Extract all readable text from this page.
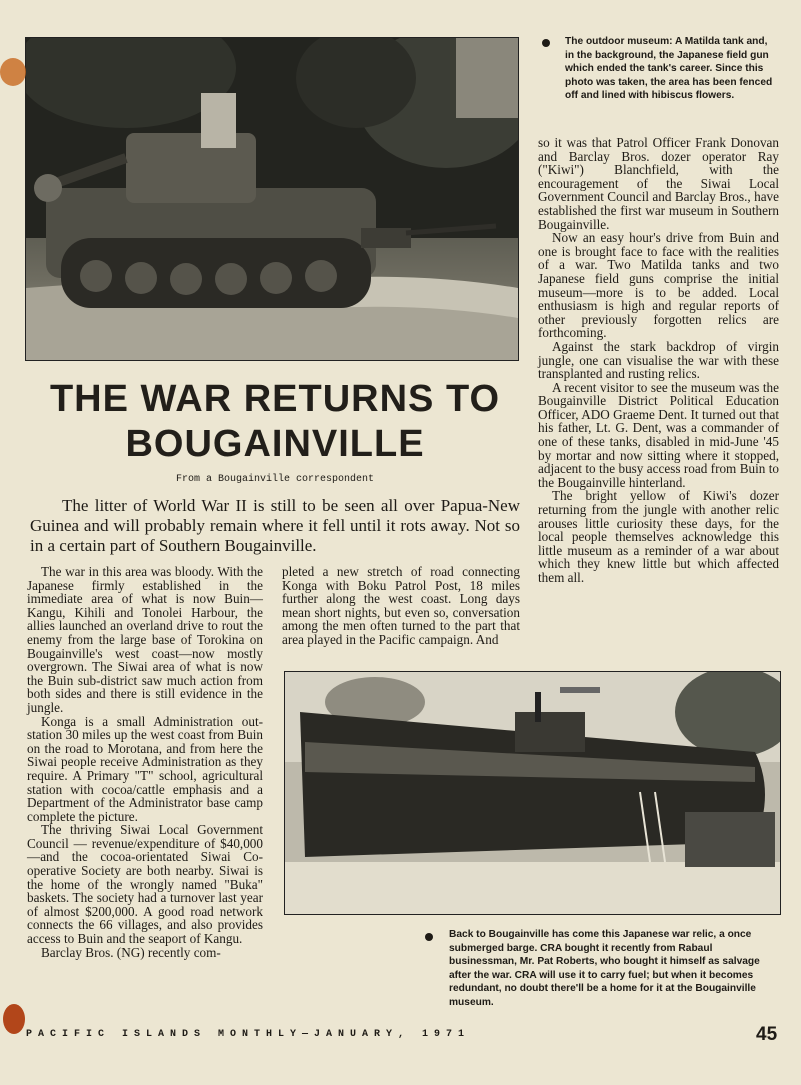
The outdoor museum: A Matilda tank and, in the background, the Japanese field gun which ended the tank's career. Since this photo was taken, the area has been fenced off and lined with hibiscus flowers.
THE WAR RETURNS TO
BOUGAINVILLE
From a Bougainville correspondent
The litter of World War II is still to be seen all over Papua-New Guinea and will probably remain where it fell until it rots away. Not so in a certain part of Southern Bougainville.

The war in this area was bloody. With the Japanese firmly established in the immediate area of what is now Buin—Kangu, Kihili and Tonolei Harbour, the allies launched an overland drive to rout the enemy from the large base of Torokina on Bougainville's west coast—now mostly overgrown. The Siwai area of what is now the Buin sub-district saw much action from both sides and there is still evidence in the jungle.

Konga is a small Administration out-station 30 miles up the west coast from Buin on the road to Morotana, and from here the Siwai people receive Administration as they require. A Primary "T" school, agricultural station with cocoa/cattle emphasis and a Department of the Administrator base camp complete the picture.

The thriving Siwai Local Government Council — revenue/expenditure of $40,000—and the cocoa-orientated Siwai Co-operative Society are both nearby. Siwai is the home of the wrongly named "Buka" baskets. The society had a turnover last year of almost $200,000. A good road network connects the 66 villages, and also provides access to Buin and the seaport of Kangu.

Barclay Bros. (NG) recently com-

pleted a new stretch of road connecting Konga with Boku Patrol Post, 18 miles further along the west coast. Long days mean short nights, but even so, conversation among the men often turned to the part that area played in the Pacific campaign. And

so it was that Patrol Officer Frank Donovan and Barclay Bros. dozer operator Ray ("Kiwi") Blanchfield, with the encouragement of the Siwai Local Government Council and Barclay Bros., have established the first war museum in Southern Bougainville.

Now an easy hour's drive from Buin and one is brought face to face with the realities of a war. Two Matilda tanks and two Japanese field guns comprise the initial museum—more is to be added. Local enthusiasm is high and regular reports of other previously forgotten relics are forthcoming.

Against the stark backdrop of virgin jungle, one can visualise the war with these transplanted and rusting relics.

A recent visitor to see the museum was the Bougainville District Political Education Officer, ADO Graeme Dent. It turned out that his father, Lt. G. Dent, was a commander of one of these tanks, disabled in mid-June '45 by mortar and now sitting where it stopped, adjacent to the busy access road from Buin to the Bougainville hinterland.

The bright yellow of Kiwi's dozer returning from the jungle with another relic arouses little curiosity these days, for the local people themselves acknowledge this little museum as a reminder of a war about which they knew little but which affected them all.

Back to Bougainville has come this Japanese war relic, a once submerged barge. CRA bought it recently from Rabaul businessman, Mr. Pat Roberts, who bought it himself as salvage after the war. CRA will use it to carry fuel; but when it becomes redundant, no doubt there'll be a home for it at the Bougainville museum.
PACIFIC ISLANDS MONTHLY—JANUARY, 1971	45
